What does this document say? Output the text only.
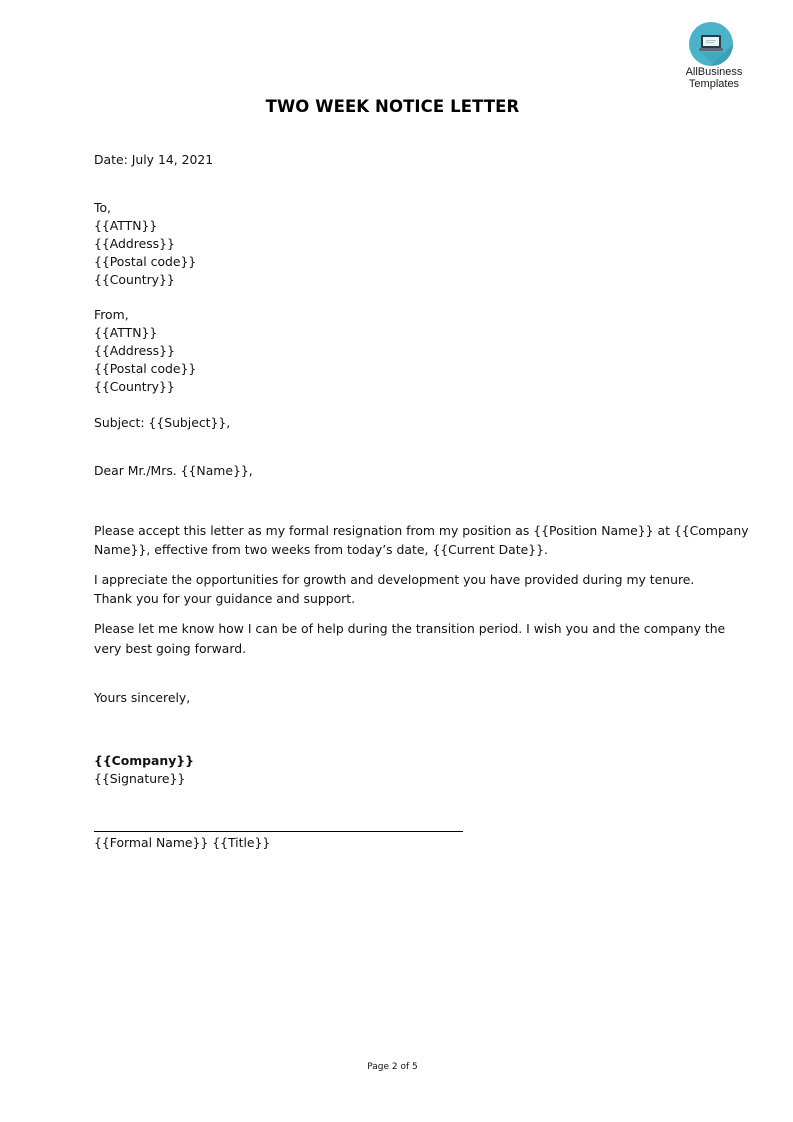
AllBusiness
Templates
TWO WEEK NOTICE LETTER
Date: July 14, 2021
To,
{{ATTN}}
{{Address}}
{{Postal code}}
{{Country}}
From,
{{ATTN}}
{{Address}}
{{Postal code}}
{{Country}}
Subject: {{Subject}},
Dear Mr./Mrs. {{Name}},
Please accept this letter as my formal resignation from my position as {{Position Name}} at {{Company
Name}}, effective from two weeks from today’s date, {{Current Date}}.
I appreciate the opportunities for growth and development you have provided during my tenure.
Thank you for your guidance and support.
Please let me know how I can be of help during the transition period. I wish you and the company the
very best going forward.
Yours sincerely,
{{Company}}
{{Signature}}
{{Formal Name}} {{Title}}
Page 2 of 5
